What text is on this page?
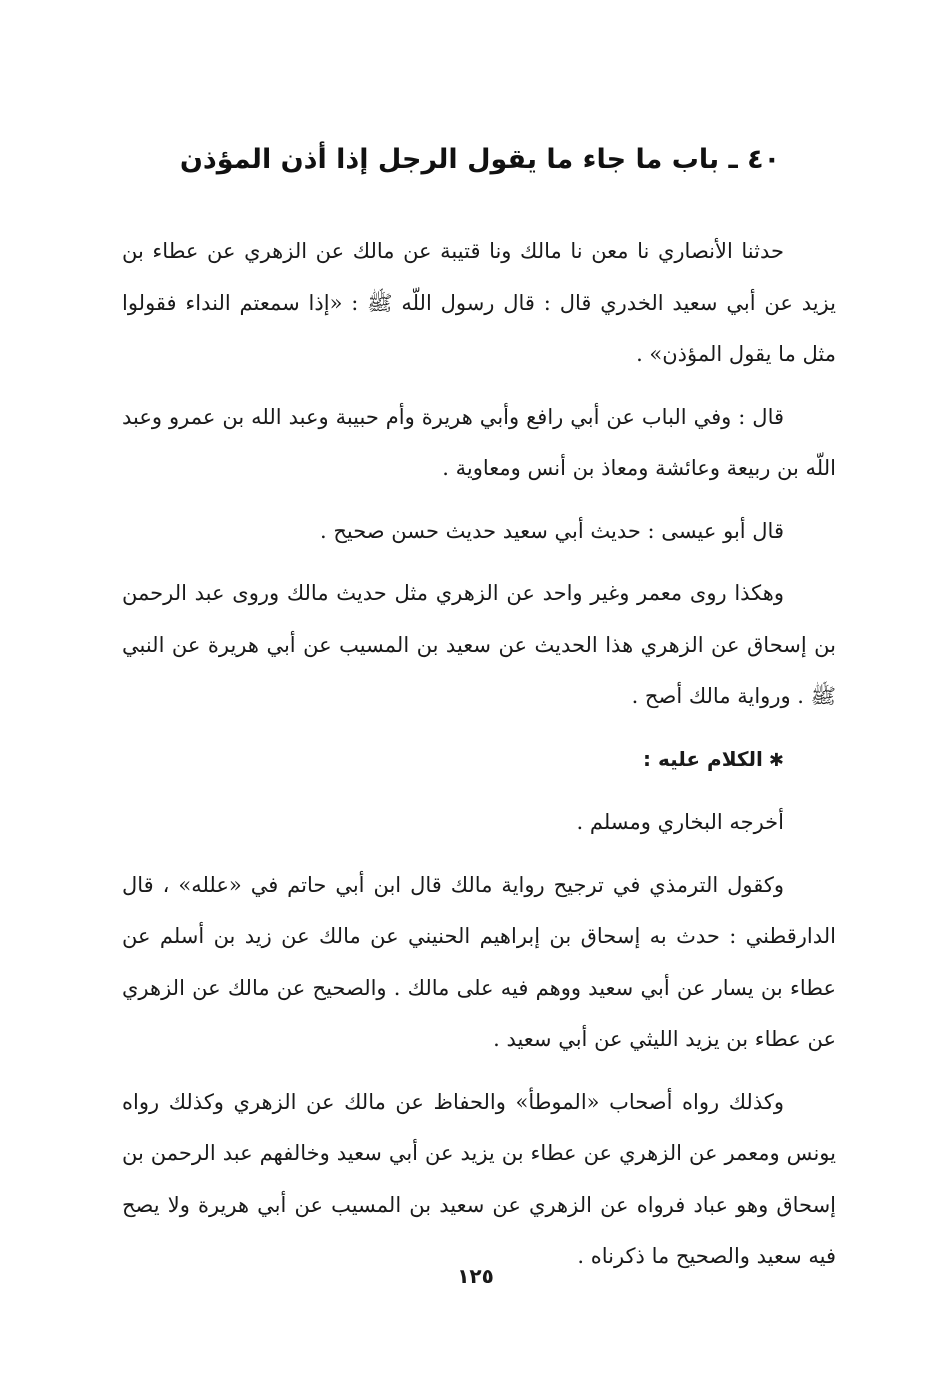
٤٠ ـ باب ما جاء ما يقول الرجل إذا أذن المؤذن

حدثنا الأنصاري نا معن نا مالك ونا قتيبة عن مالك عن الزهري عن عطاء بن يزيد عن أبي سعيد الخدري قال : قال رسول اللّه ﷺ : «إذا سمعتم النداء فقولوا مثل ما يقول المؤذن» .

قال : وفي الباب عن أبي رافع وأبي هريرة وأم حبيبة وعبد الله بن عمرو وعبد اللّه بن ربيعة وعائشة ومعاذ بن أنس ومعاوية .

قال أبو عيسى : حديث أبي سعيد حديث حسن صحيح .

وهكذا روى معمر وغير واحد عن الزهري مثل حديث مالك وروى عبد الرحمن بن إسحاق عن الزهري هذا الحديث عن سعيد بن المسيب عن أبي هريرة عن النبي ﷺ . ورواية مالك أصح .

✱الكلام عليه :

أخرجه البخاري ومسلم .

وكقول الترمذي في ترجيح رواية مالك قال ابن أبي حاتم في «علله» ، قال الدارقطني : حدث به إسحاق بن إبراهيم الحنيني عن مالك عن زيد بن أسلم عن عطاء بن يسار عن أبي سعيد ووهم فيه على مالك . والصحيح عن مالك عن الزهري عن عطاء بن يزيد الليثي عن أبي سعيد .

وكذلك رواه أصحاب «الموطأ» والحفاظ عن مالك عن الزهري وكذلك رواه يونس ومعمر عن الزهري عن عطاء بن يزيد عن أبي سعيد وخالفهم عبد الرحمن بن إسحاق وهو عباد فرواه عن الزهري عن سعيد بن المسيب عن أبي هريرة ولا يصح فيه سعيد والصحيح ما ذكرناه .

١٢٥
